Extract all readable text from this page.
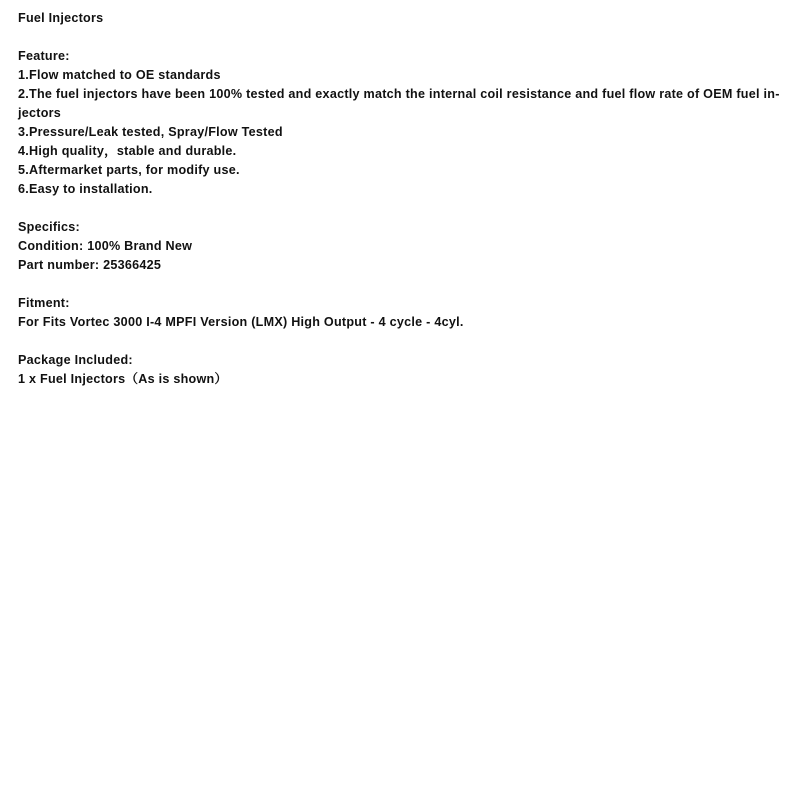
Fuel Injectors
Feature:
1.Flow matched to OE standards
2.The fuel injectors have been 100% tested and exactly match the internal coil resistance and fuel flow rate of OEM fuel in-
jectors
3.Pressure/Leak tested, Spray/Flow Tested
4.High quality，stable and durable.
5.Aftermarket parts, for modify use.
6.Easy to installation.
Specifics:
Condition: 100% Brand New
Part number: 25366425
Fitment:
For Fits Vortec 3000 I-4 MPFI Version (LMX) High Output - 4 cycle - 4cyl.
Package Included:
1 x Fuel Injectors（As is shown）
